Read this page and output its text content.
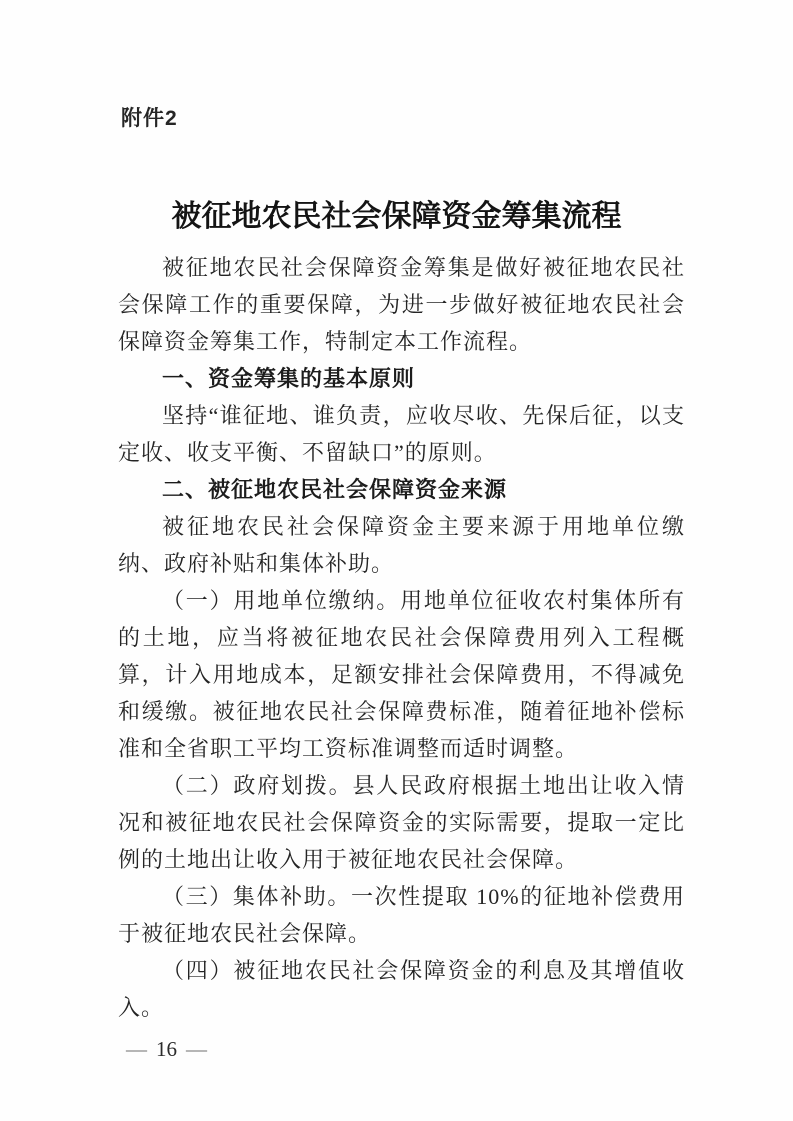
附件2
被征地农民社会保障资金筹集流程

被征地农民社会保障资金筹集是做好被征地农民社会保障工作的重要保障，为进一步做好被征地农民社会保障资金筹集工作，特制定本工作流程。

一、资金筹集的基本原则

坚持“谁征地、谁负责，应收尽收、先保后征，以支定收、收支平衡、不留缺口”的原则。

二、被征地农民社会保障资金来源

被征地农民社会保障资金主要来源于用地单位缴纳、政府补贴和集体补助。

（一）用地单位缴纳。用地单位征收农村集体所有的土地，应当将被征地农民社会保障费用列入工程概算，计入用地成本，足额安排社会保障费用，不得减免和缓缴。被征地农民社会保障费标准，随着征地补偿标准和全省职工平均工资标准调整而适时调整。

（二）政府划拨。县人民政府根据土地出让收入情况和被征地农民社会保障资金的实际需要，提取一定比例的土地出让收入用于被征地农民社会保障。

（三）集体补助。一次性提取 10%的征地补偿费用于被征地农民社会保障。

（四）被征地农民社会保障资金的利息及其增值收入。

— 16 —
